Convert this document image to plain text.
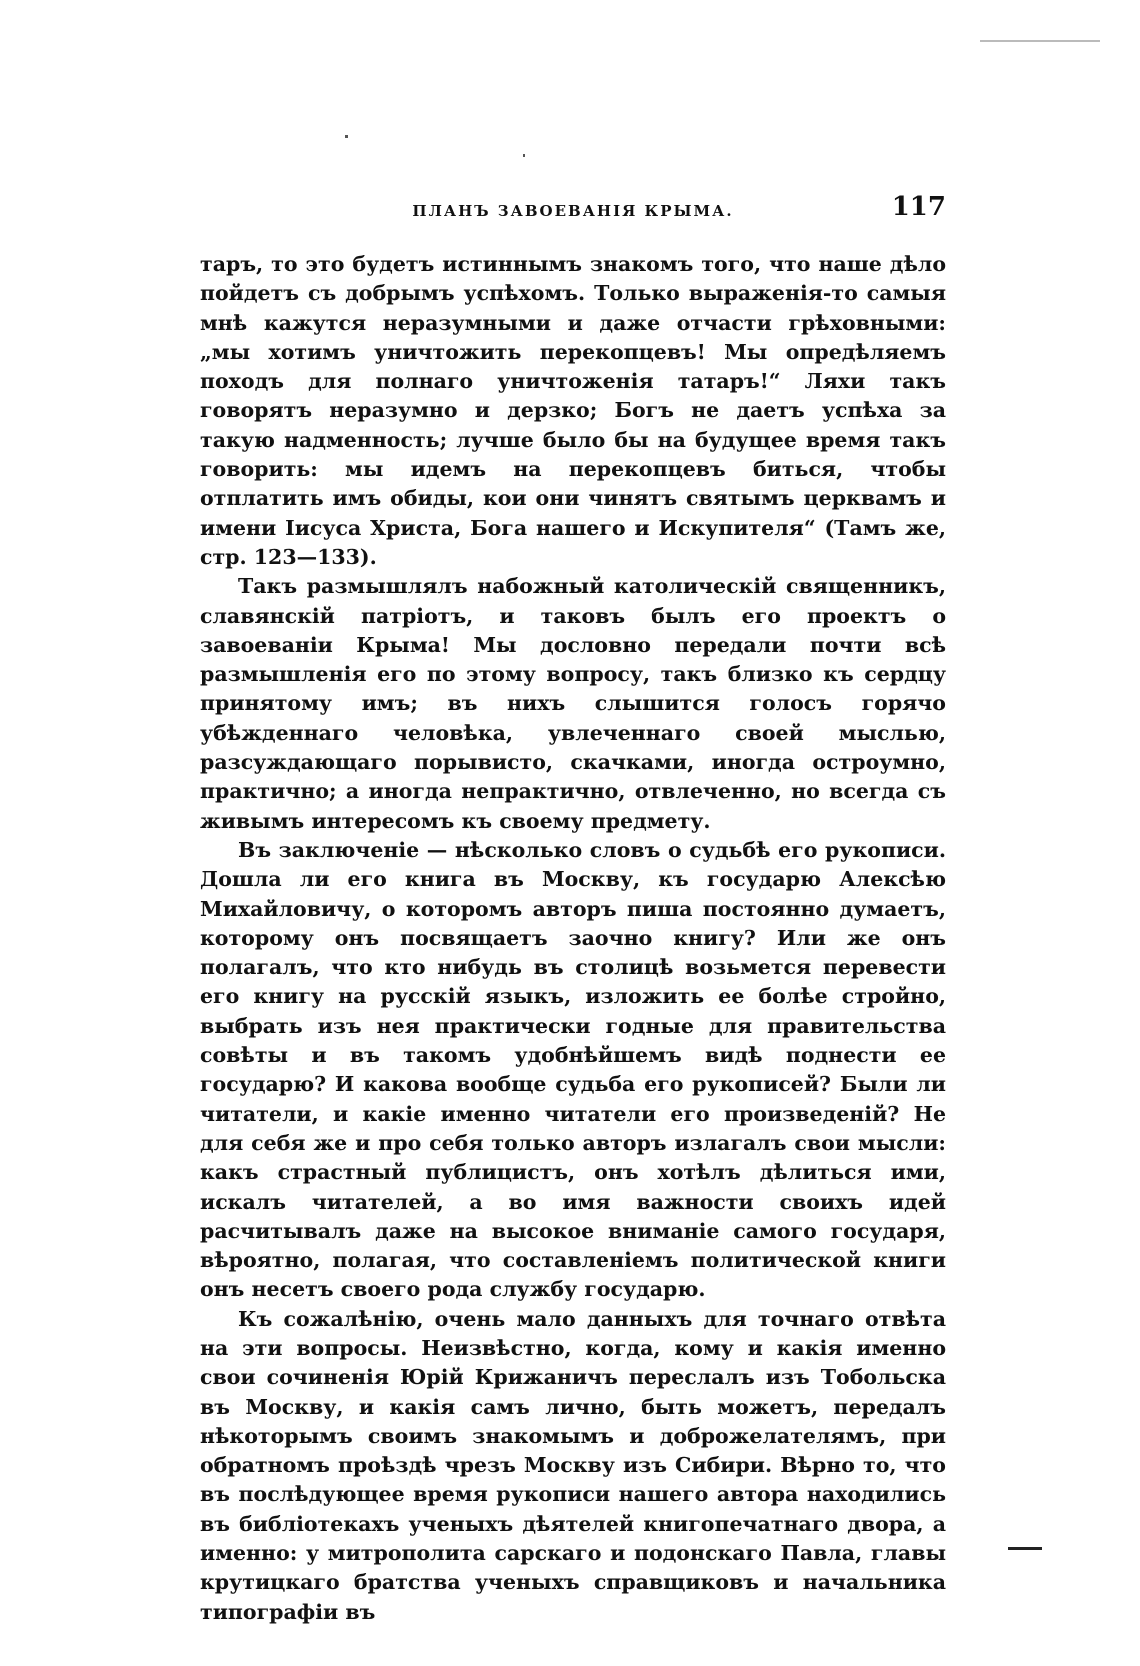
ПЛАНЪ ЗАВОЕВАНІЯ КРЫМА.	117

таръ, то это будетъ истиннымъ знакомъ того, что наше дѣло пойдетъ съ добрымъ успѣхомъ. Только выраженія-то самыя мнѣ кажутся неразумными и даже отчасти грѣховными: „мы хотимъ уничтожить перекопцевъ! Мы опредѣляемъ походъ для полнаго уничтоженія татаръ!“ Ляхи такъ говорятъ неразумно и дерзко; Богъ не даетъ успѣха за такую надменность; лучше было бы на будущее время такъ говорить: мы идемъ на перекопцевъ биться, чтобы отплатить имъ обиды, кои они чинятъ святымъ церквамъ и имени Іисуса Христа, Бога нашего и Искупителя“ (Тамъ же, стр. 123—133).

Такъ размышлялъ набожный католическій священникъ, славянскій патріотъ, и таковъ былъ его проектъ о завоеваніи Крыма! Мы дословно передали почти всѣ размышленія его по этому вопросу, такъ близко къ сердцу принятому имъ; въ нихъ слышится голосъ горячо убѣжденнаго человѣка, увлеченнаго своей мыслью, разсуждающаго порывисто, скачками, иногда остроумно, практично; а иногда непрактично, отвлеченно, но всегда съ живымъ интересомъ къ своему предмету.

Въ заключеніе — нѣсколько словъ о судьбѣ его рукописи. Дошла ли его книга въ Москву, къ государю Алексѣю Михайловичу, о которомъ авторъ пиша постоянно думаетъ, которому онъ посвящаетъ заочно книгу? Или же онъ полагалъ, что кто нибудь въ столицѣ возьмется перевести его книгу на русскій языкъ, изложить ее болѣе стройно, выбрать изъ нея практически годные для правительства совѣты и въ такомъ удобнѣйшемъ видѣ поднести ее государю? И какова вообще судьба его рукописей? Были ли читатели, и какіе именно читатели его произведеній? Не для себя же и про себя только авторъ излагалъ свои мысли: какъ страстный публицистъ, онъ хотѣлъ дѣлиться ими, искалъ читателей, а во имя важности своихъ идей расчитывалъ даже на высокое вниманіе самого государя, вѣроятно, полагая, что составленіемъ политической книги онъ несетъ своего рода службу государю.

Къ сожалѣнію, очень мало данныхъ для точнаго отвѣта на эти вопросы. Неизвѣстно, когда, кому и какія именно свои сочиненія Юрій Крижаничъ переслалъ изъ Тобольска въ Москву, и какія самъ лично, быть можетъ, передалъ нѣкоторымъ своимъ знакомымъ и доброжелателямъ, при обратномъ проѣздѣ чрезъ Москву изъ Сибири. Вѣрно то, что въ послѣдующее время рукописи нашего автора находились въ библіотекахъ ученыхъ дѣятелей книгопечатнаго двора, а именно: у митрополита сарскаго и подонскаго Павла, главы крутицкаго братства ученыхъ справщиковъ и начальника типографіи въ
